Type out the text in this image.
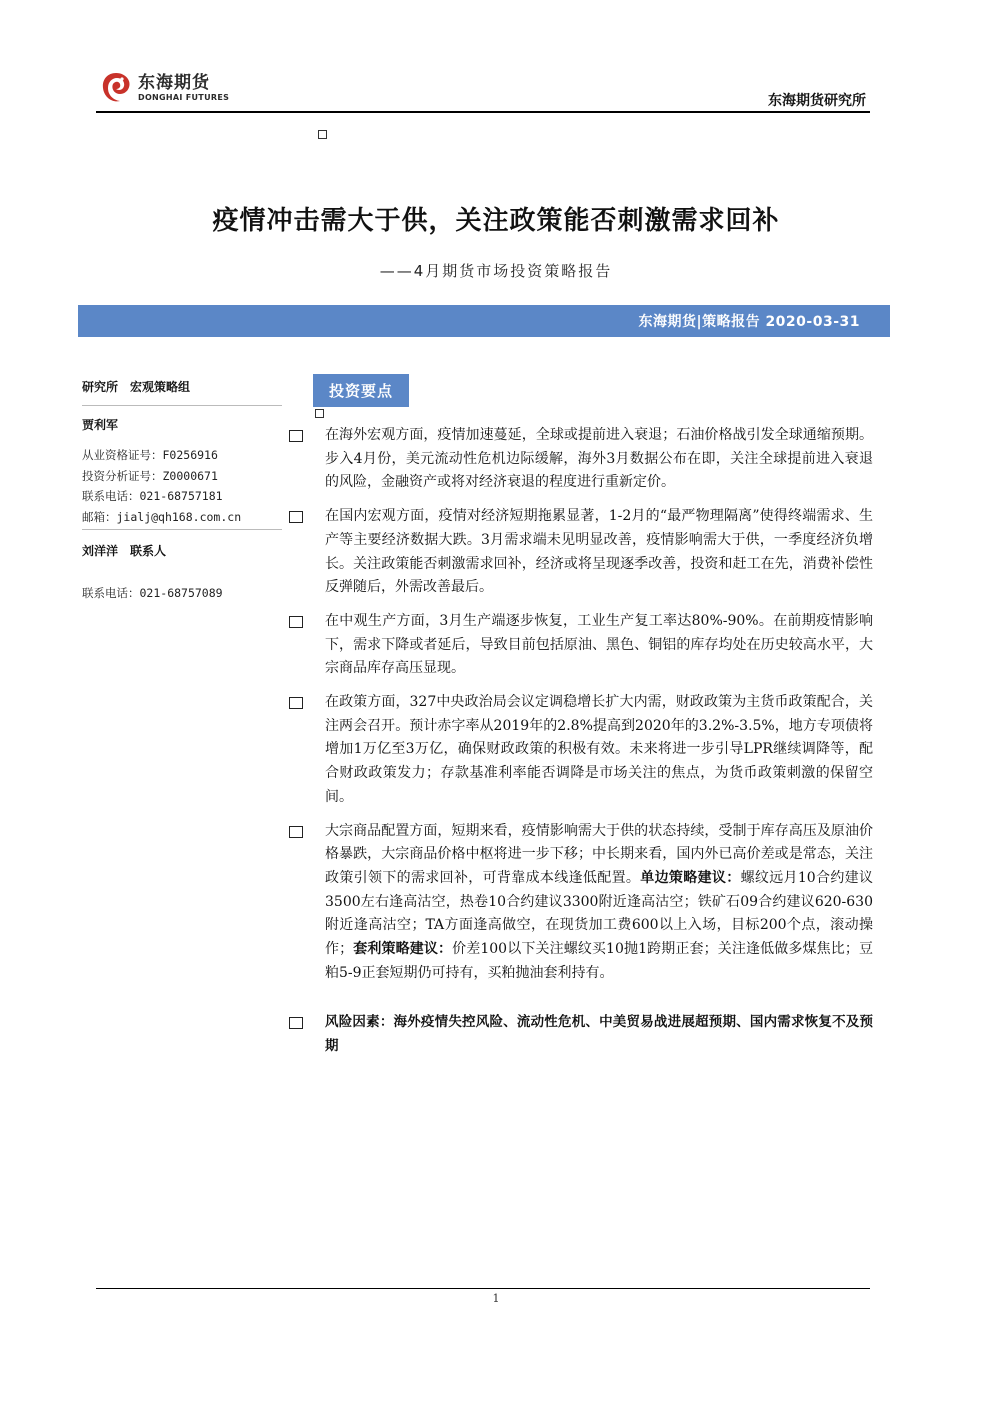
东海期货
DONGHAI FUTURES	东海期货研究所
疫情冲击需大于供，关注政策能否刺激需求回补
——4月期货市场投资策略报告
东海期货|策略报告 2020-03-31
研究所　宏观策略组
贾利军
从业资格证号：F0256916
投资分析证号：Z0000671
联系电话：021-68757181
邮箱：jialj@qh168.com.cn
刘洋洋　联系人
联系电话：021-68757089
投资要点
在海外宏观方面，疫情加速蔓延，全球或提前进入衰退；石油价格战引发全球通缩预期。步入4月份，美元流动性危机边际缓解，海外3月数据公布在即，关注全球提前进入衰退的风险，金融资产或将对经济衰退的程度进行重新定价。
在国内宏观方面，疫情对经济短期拖累显著，1-2月的“最严物理隔离”使得终端需求、生产等主要经济数据大跌。3月需求端未见明显改善，疫情影响需大于供，一季度经济负增长。关注政策能否刺激需求回补，经济或将呈现逐季改善，投资和赶工在先，消费补偿性反弹随后，外需改善最后。
在中观生产方面，3月生产端逐步恢复，工业生产复工率达80%-90%。在前期疫情影响下，需求下降或者延后，导致目前包括原油、黑色、铜铝的库存均处在历史较高水平，大宗商品库存高压显现。
在政策方面，327中央政治局会议定调稳增长扩大内需，财政政策为主货币政策配合，关注两会召开。预计赤字率从2019年的2.8%提高到2020年的3.2%-3.5%，地方专项债将增加1万亿至3万亿，确保财政政策的积极有效。未来将进一步引导LPR继续调降等，配合财政政策发力；存款基准利率能否调降是市场关注的焦点，为货币政策刺激的保留空间。
大宗商品配置方面，短期来看，疫情影响需大于供的状态持续，受制于库存高压及原油价格暴跌，大宗商品价格中枢将进一步下移；中长期来看，国内外已高价差或是常态，关注政策引领下的需求回补，可背靠成本线逢低配置。单边策略建议：螺纹远月10合约建议3500左右逢高沽空，热卷10合约建议3300附近逢高沽空；铁矿石09合约建议620-630附近逢高沽空；TA方面逢高做空，在现货加工费600以上入场，目标200个点，滚动操作；套利策略建议：价差100以下关注螺纹买10抛1跨期正套；关注逢低做多煤焦比；豆粕5-9正套短期仍可持有，买粕抛油套利持有。
风险因素：海外疫情失控风险、流动性危机、中美贸易战进展超预期、国内需求恢复不及预期
1
